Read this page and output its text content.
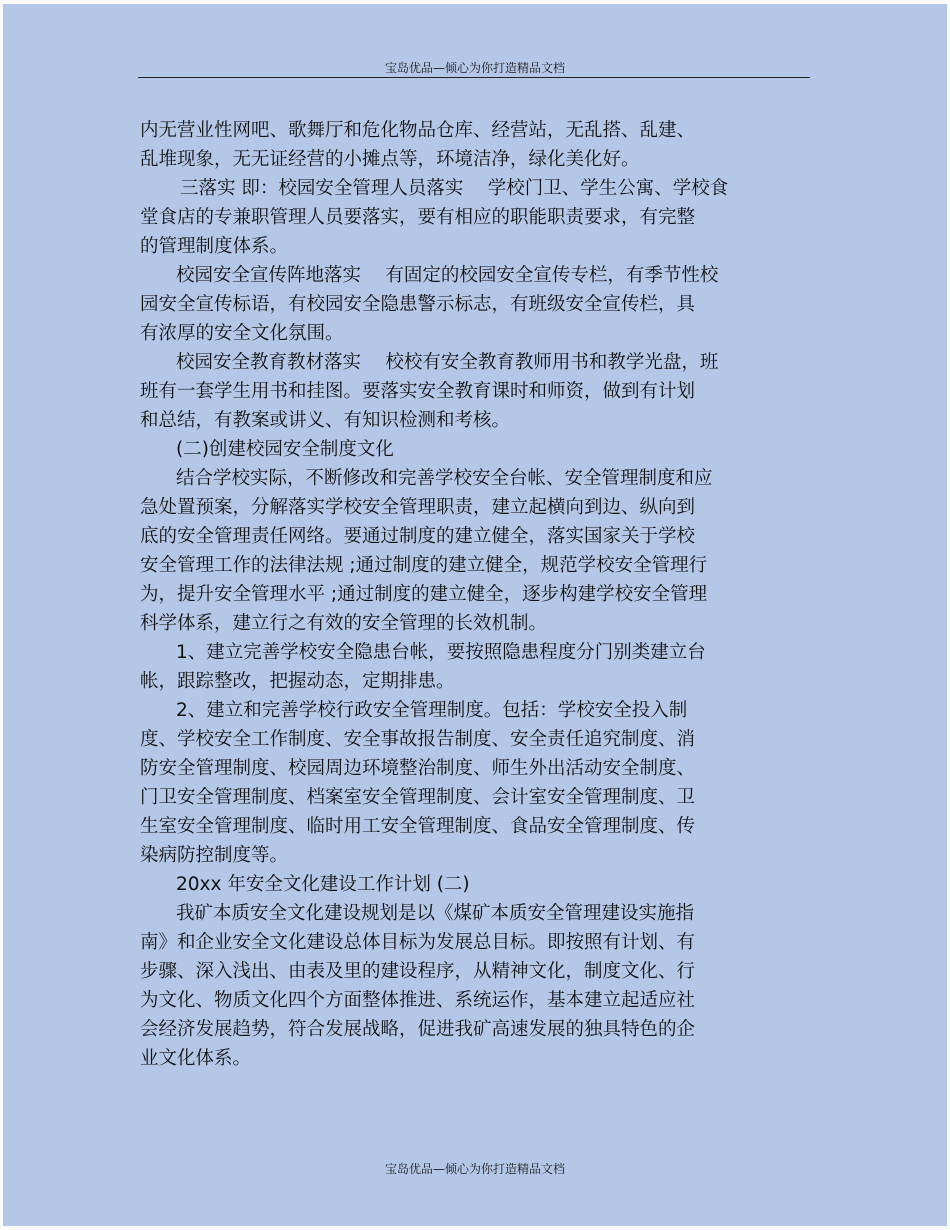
宝岛优品—倾心为你打造精品文档
内无营业性网吧、歌舞厅和危化物品仓库、经营站，无乱搭、乱建、
乱堆现象，无无证经营的小摊点等，环境洁净，绿化美化好。
三落实 即：校园安全管理人员落实 　学校门卫、学生公寓、学校食
堂食店的专兼职管理人员要落实，要有相应的职能职责要求，有完整
的管理制度体系。
校园安全宣传阵地落实 　有固定的校园安全宣传专栏，有季节性校
园安全宣传标语，有校园安全隐患警示标志，有班级安全宣传栏，具
有浓厚的安全文化氛围。
校园安全教育教材落实 　校校有安全教育教师用书和教学光盘，班
班有一套学生用书和挂图。要落实安全教育课时和师资，做到有计划
和总结，有教案或讲义、有知识检测和考核。
(二)创建校园安全制度文化
结合学校实际，不断修改和完善学校安全台帐、安全管理制度和应
急处置预案，分解落实学校安全管理职责，建立起横向到边、纵向到
底的安全管理责任网络。要通过制度的建立健全，落实国家关于学校
安全管理工作的法律法规 ;通过制度的建立健全，规范学校安全管理行
为，提升安全管理水平 ;通过制度的建立健全，逐步构建学校安全管理
科学体系，建立行之有效的安全管理的长效机制。
1、建立完善学校安全隐患台帐，要按照隐患程度分门别类建立台
帐，跟踪整改，把握动态，定期排患。
2、建立和完善学校行政安全管理制度。包括：学校安全投入制
度、学校安全工作制度、安全事故报告制度、安全责任追究制度、消
防安全管理制度、校园周边环境整治制度、师生外出活动安全制度、
门卫安全管理制度、档案室安全管理制度、会计室安全管理制度、卫
生室安全管理制度、临时用工安全管理制度、食品安全管理制度、传
染病防控制度等。
20xx 年安全文化建设工作计划 (二)
我矿本质安全文化建设规划是以《煤矿本质安全管理建设实施指
南》和企业安全文化建设总体目标为发展总目标。即按照有计划、有
步骤、深入浅出、由表及里的建设程序，从精神文化，制度文化、行
为文化、物质文化四个方面整体推进、系统运作，基本建立起适应社
会经济发展趋势，符合发展战略，促进我矿高速发展的独具特色的企
业文化体系。
宝岛优品—倾心为你打造精品文档
